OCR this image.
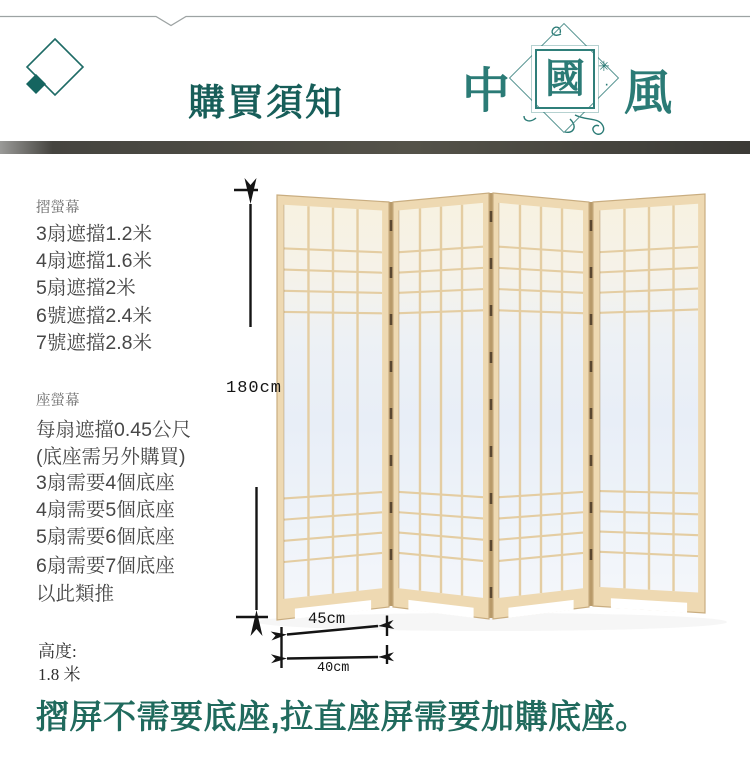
180cm
45cm
40cm
購買須知 中 國 ✳
· 風
摺螢幕
3扇遮擋1.2米
4扇遮擋1.6米
5扇遮擋2米
6號遮擋2.4米
7號遮擋2.8米
座螢幕
每扇遮擋0.45公尺
(底座需另外購買)
3扇需要4個底座
4扇需要5個底座
5扇需要6個底座
6扇需要7個底座
以此類推
高度:
1.8 米
摺屏不需要底座,拉直座屏需要加購底座。
